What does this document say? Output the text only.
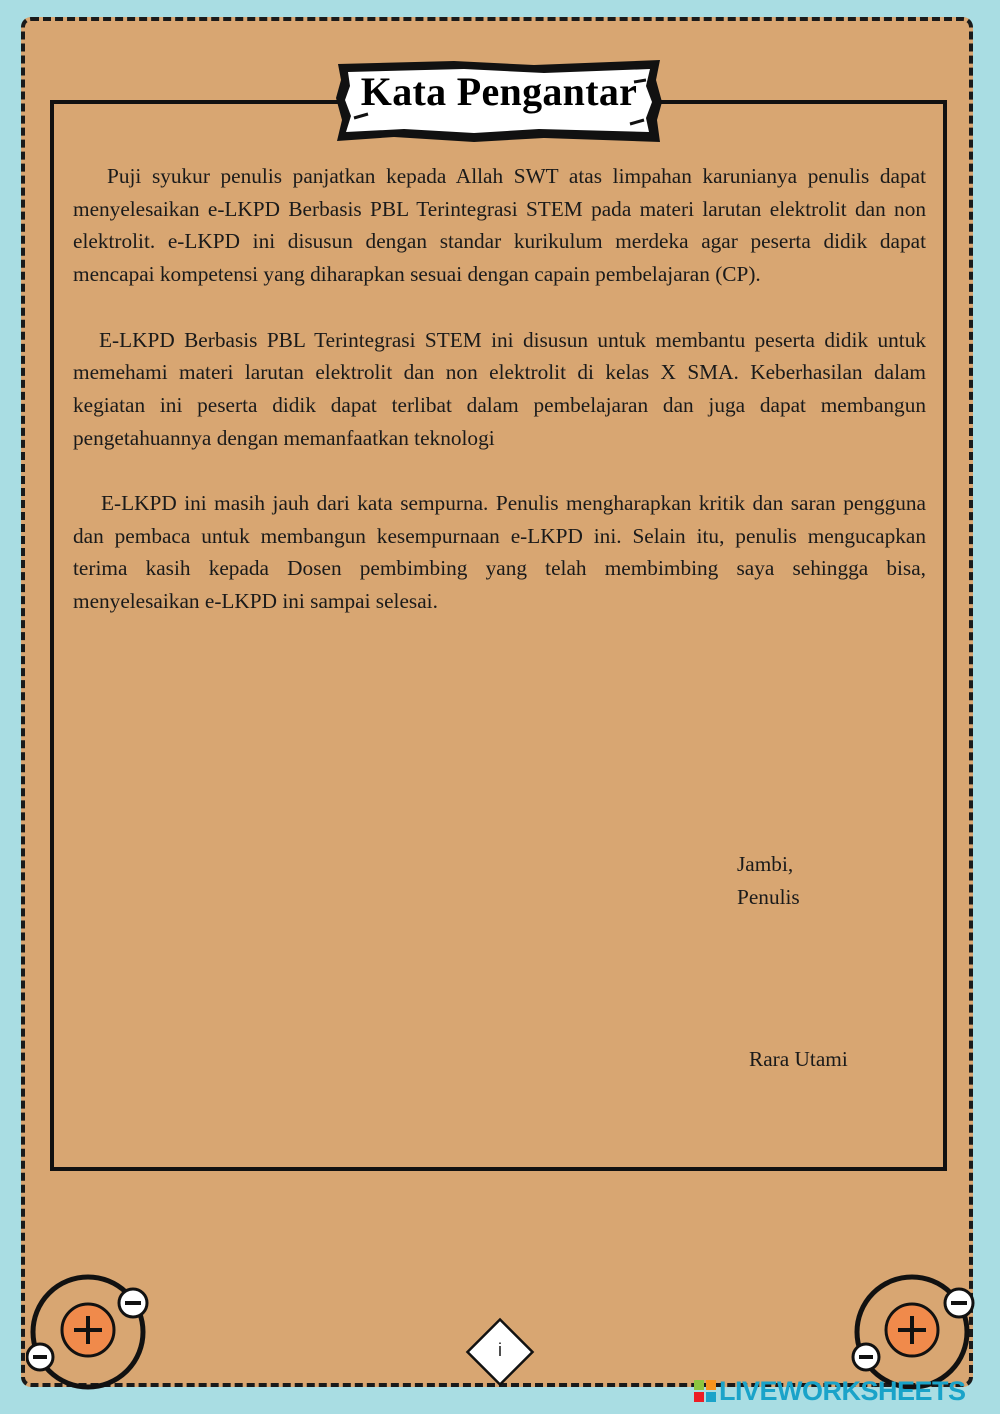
Kata Pengantar

Puji syukur penulis panjatkan kepada Allah SWT atas limpahan karunianya penulis dapat menyelesaikan e-LKPD Berbasis PBL Terintegrasi STEM pada materi larutan elektrolit dan non elektrolit. e-LKPD ini disusun dengan standar kurikulum merdeka agar peserta didik dapat mencapai kompetensi yang diharapkan sesuai dengan capain pembelajaran (CP).

E-LKPD Berbasis PBL Terintegrasi STEM ini disusun untuk membantu peserta didik untuk memehami materi larutan elektrolit dan non elektrolit di kelas X SMA. Keberhasilan dalam kegiatan ini peserta didik dapat terlibat dalam pembelajaran dan juga dapat membangun pengetahuannya dengan memanfaatkan teknologi

E-LKPD ini masih jauh dari kata sempurna. Penulis mengharapkan kritik dan saran pengguna dan pembaca untuk membangun kesempurnaan e-LKPD ini. Selain itu, penulis mengucapkan terima kasih kepada Dosen pembimbing yang telah membimbing saya sehingga bisa, menyelesaikan e-LKPD ini sampai selesai.

Jambi,
Penulis
Rara Utami
i
LIVEWORKSHEETS
